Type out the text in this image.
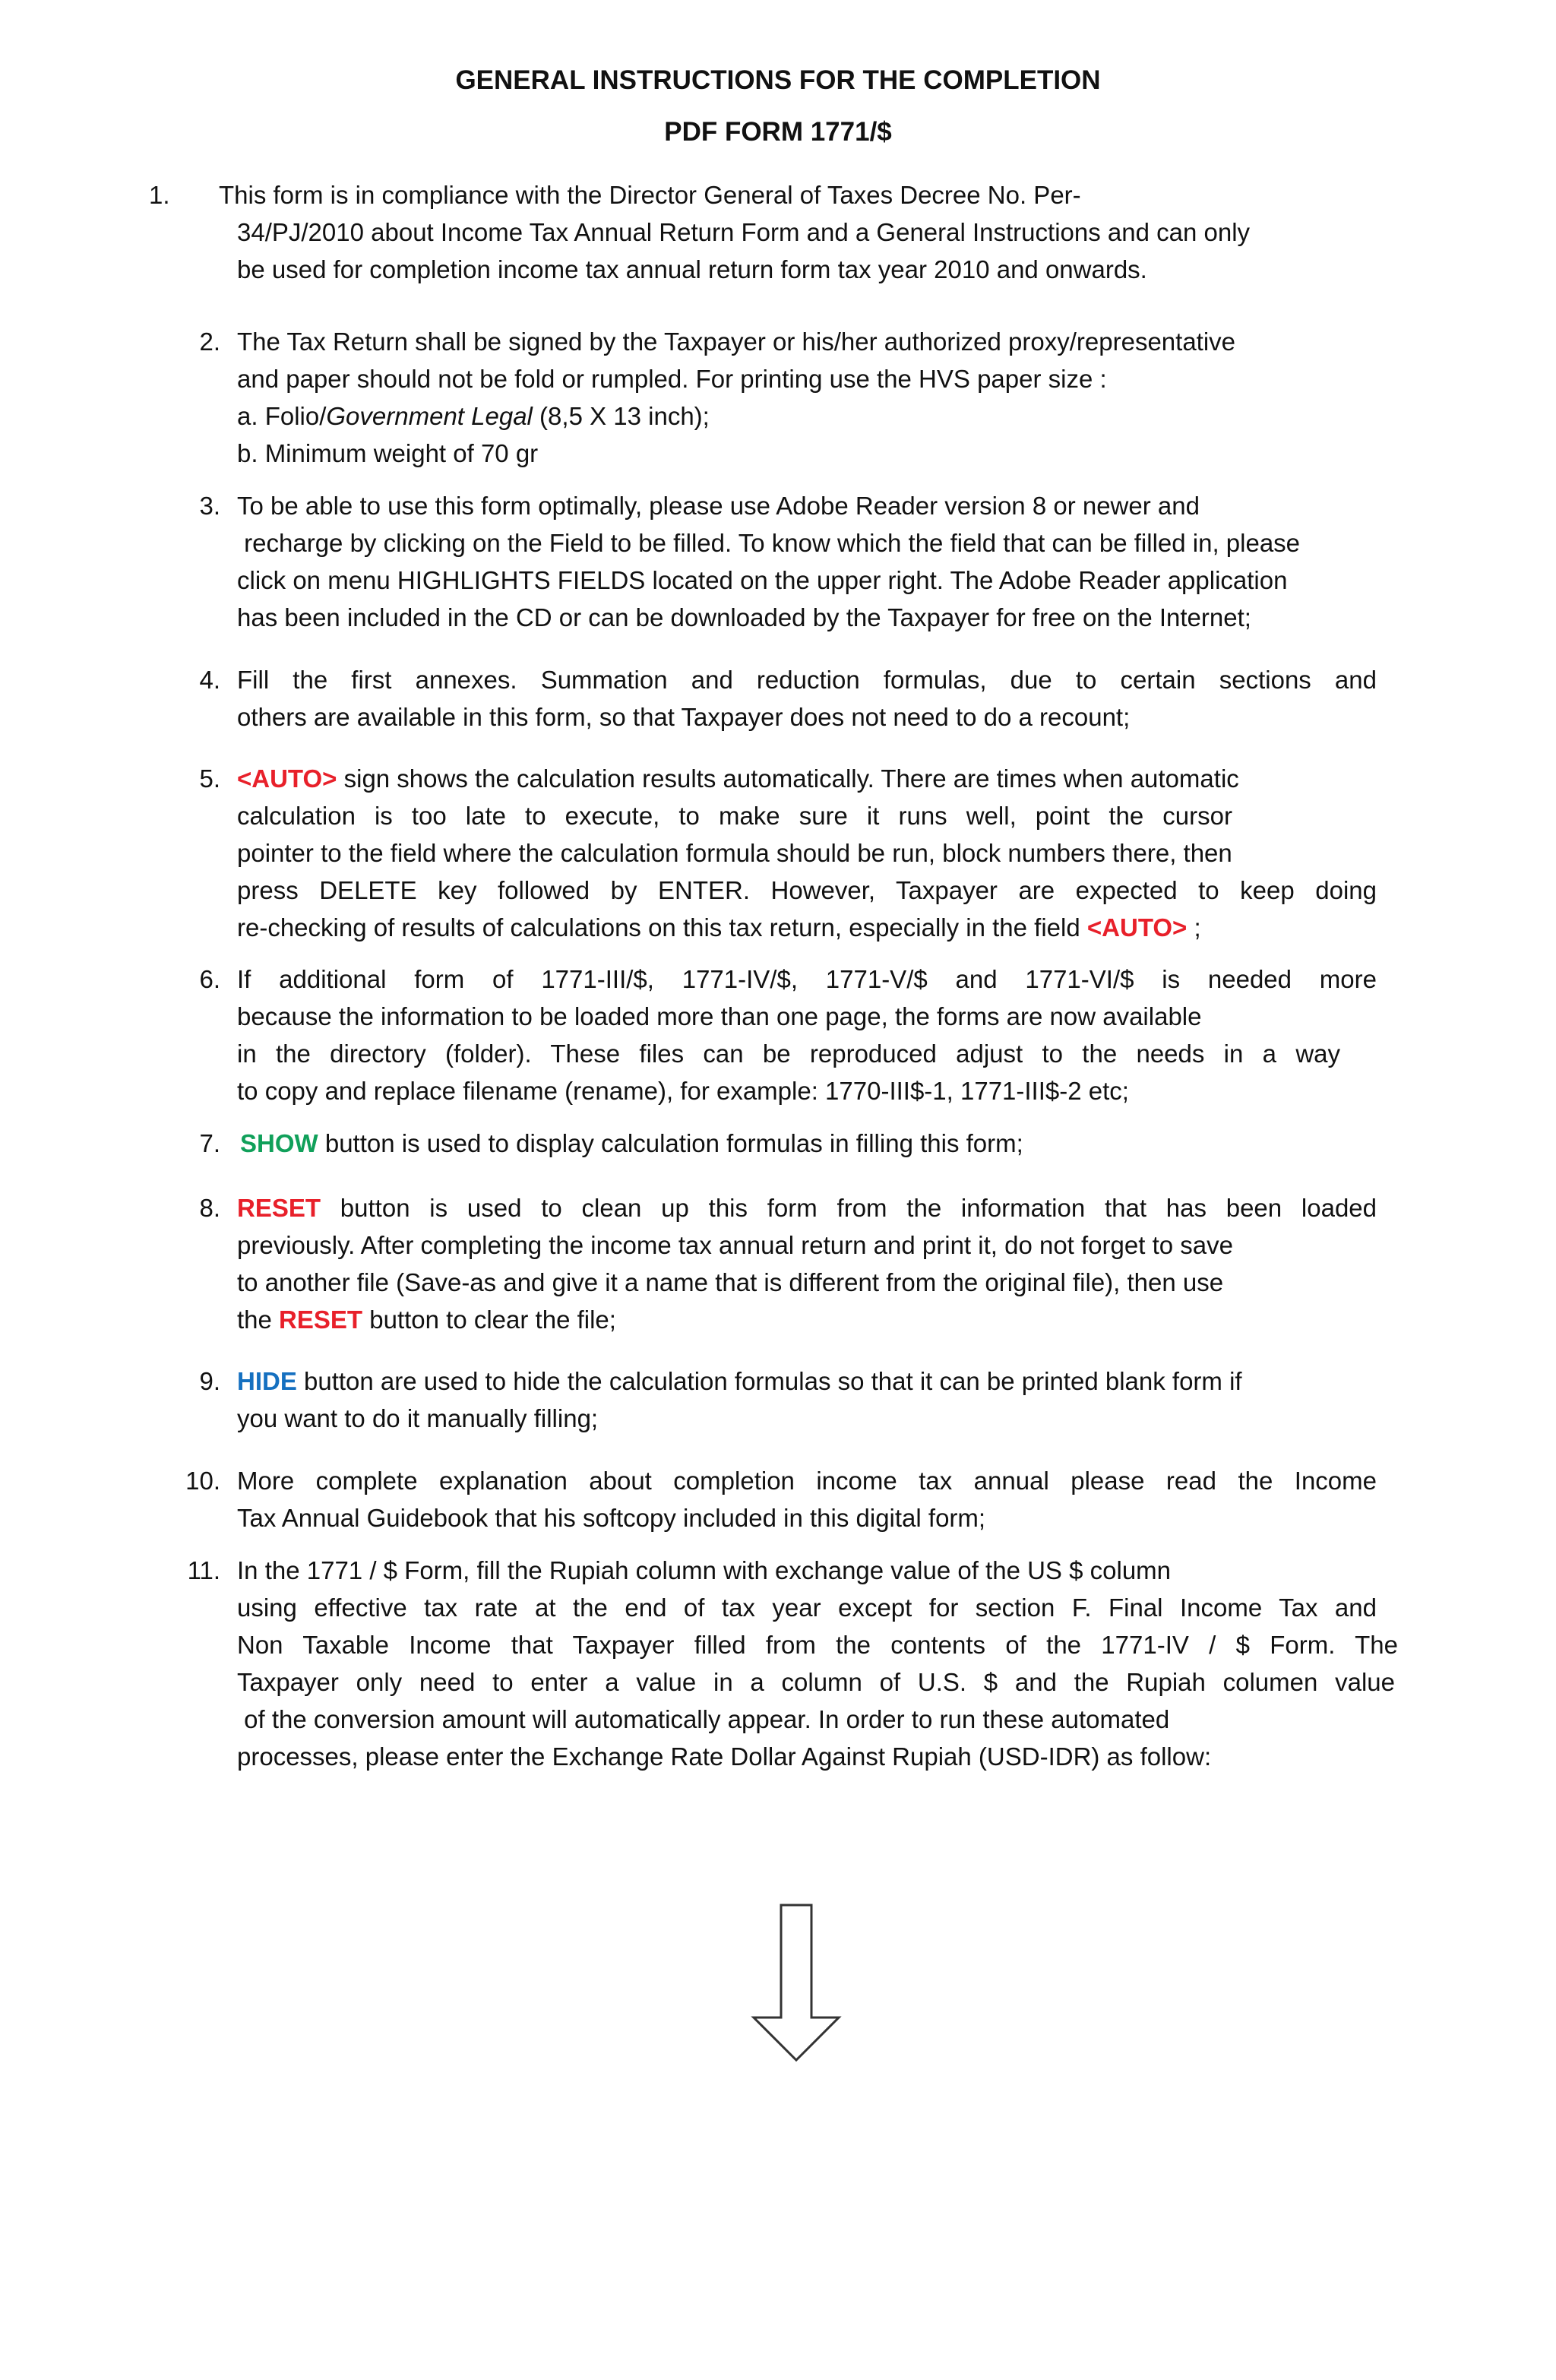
GENERAL INSTRUCTIONS FOR THE COMPLETION
PDF FORM 1771/$
1.	This form is in compliance with the Director General of Taxes Decree No. Per-
34/PJ/2010 about Income Tax Annual Return Form and a General Instructions and can only
be used for completion income tax annual return form tax year 2010 and onwards.
2. The Tax Return shall be signed by the Taxpayer or his/her authorized proxy/representative
and paper should not be fold or rumpled. For printing use the HVS paper size :
a. Folio/Government Legal (8,5 X 13 inch);
b. Minimum weight of 70 gr
3. To be able to use this form optimally, please use Adobe Reader version 8 or newer and
recharge by clicking on the Field to be filled. To know which the field that can be filled in, please
click on menu HIGHLIGHTS FIELDS located on the upper right. The Adobe Reader application
has been included in the CD or can be downloaded by the Taxpayer for free on the Internet;
4. Fill the first annexes. Summation and reduction formulas, due to certain sections and
others are available in this form, so that Taxpayer does not need to do a recount;
5. <AUTO> sign shows the calculation results automatically. There are times when automatic
calculation is too late to execute, to make sure it runs well, point the cursor
pointer to the field where the calculation formula should be run, block numbers there, then
press DELETE key followed by ENTER. However, Taxpayer are expected to keep doing
re-checking of results of calculations on this tax return, especially in the field <AUTO> ;
6. If additional form of 1771-III/$, 1771-IV/$, 1771-V/$ and 1771-VI/$ is needed more
because the information to be loaded more than one page, the forms are now available
in the directory (folder). These files can be reproduced adjust to the needs in a way
to copy and replace filename (rename), for example: 1770-III$-1, 1771-III$-2 etc;
7. SHOW button is used to display calculation formulas in filling this form;
8. RESET button is used to clean up this form from the information that has been loaded
previously. After completing the income tax annual return and print it, do not forget to save
to another file (Save-as and give it a name that is different from the original file), then use
the RESET button to clear the file;
9. HIDE button are used to hide the calculation formulas so that it can be printed blank form if
you want to do it manually filling;
10. More complete explanation about completion income tax annual please read the Income
Tax Annual Guidebook that his softcopy included in this digital form;
11. In the 1771 / $ Form, fill the Rupiah column with exchange value of the US $ column
using effective tax rate at the end of tax year except for section F. Final Income Tax and
Non Taxable Income that Taxpayer filled from the contents of the 1771-IV / $ Form. The
Taxpayer only need to enter a value in a column of U.S. $ and the Rupiah columen value
of the conversion amount will automatically appear. In order to run these automated
processes, please enter the Exchange Rate Dollar Against Rupiah (USD-IDR) as follow:
